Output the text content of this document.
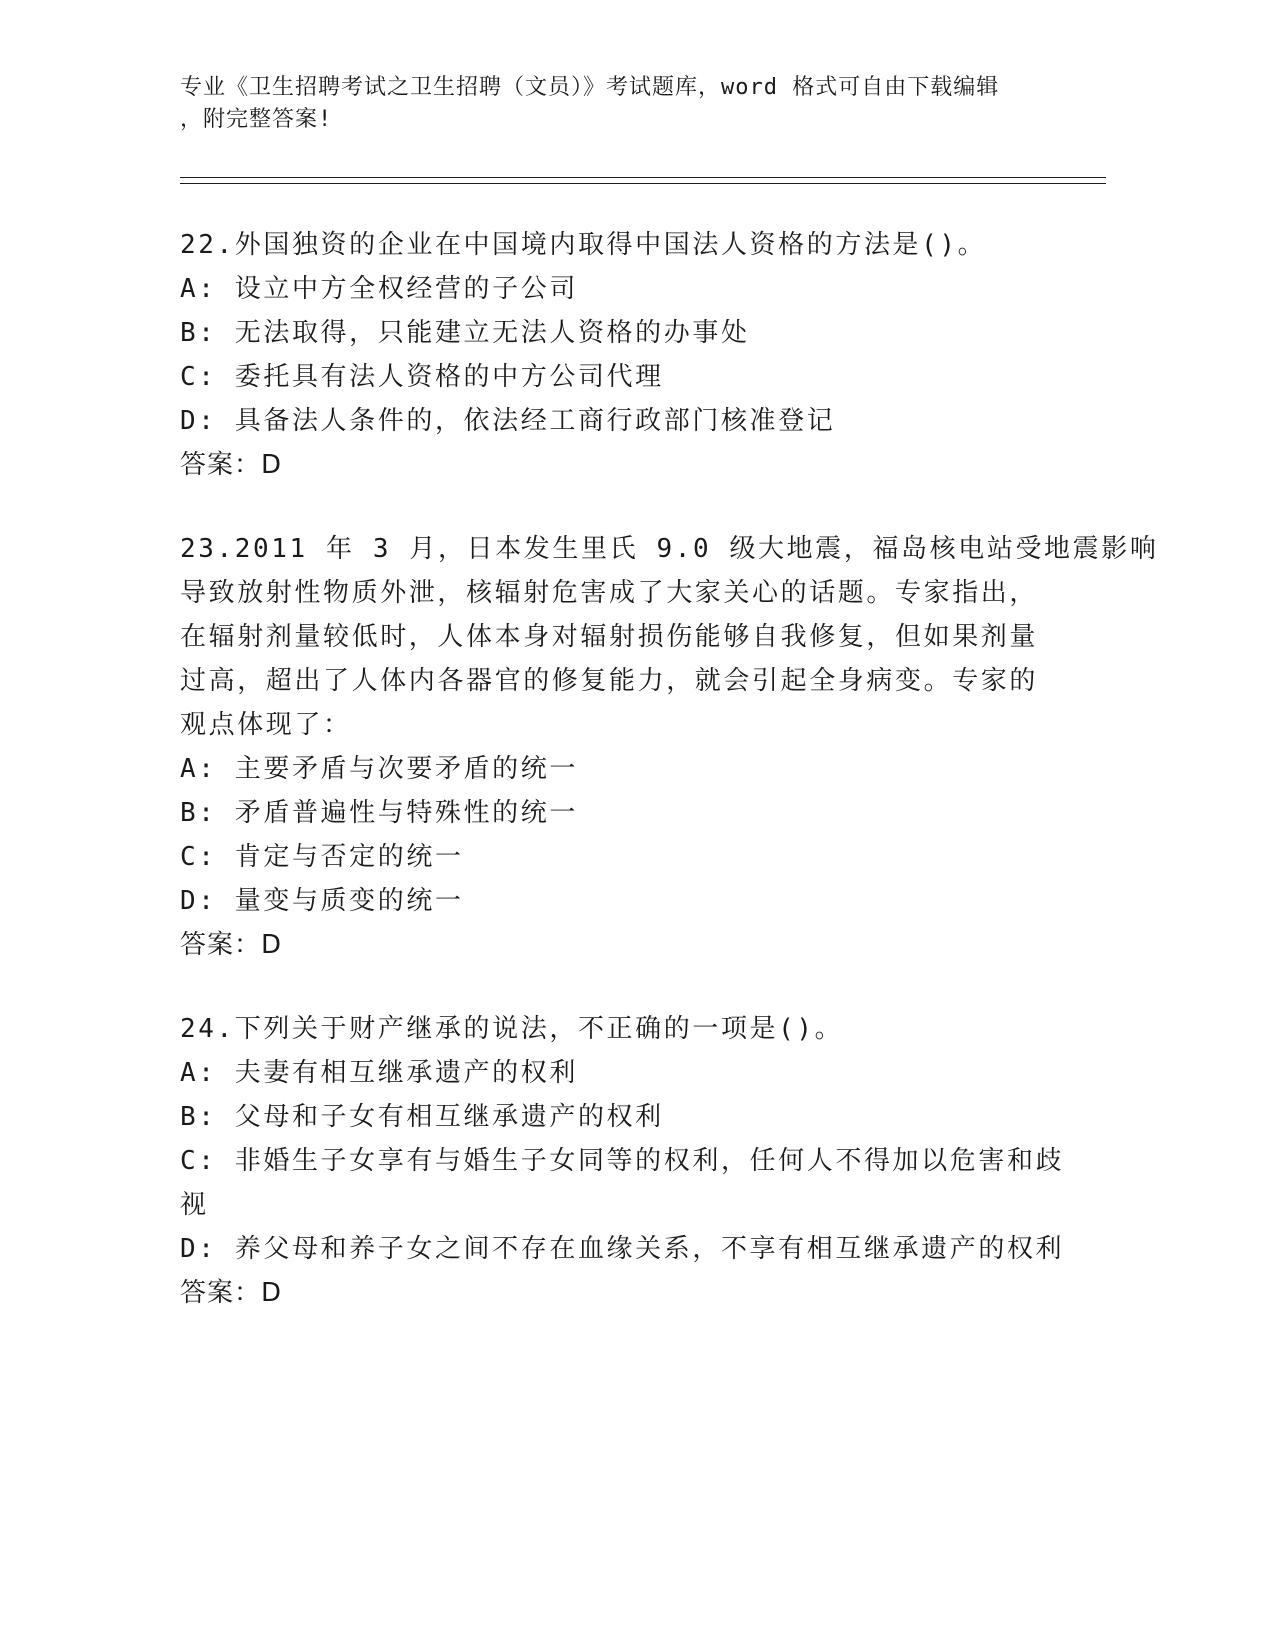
专业《卫生招聘考试之卫生招聘（文员）》考试题库，word 格式可自由下载编辑
，附完整答案!
22.外国独资的企业在中国境内取得中国法人资格的方法是()。
A: 设立中方全权经营的子公司
B: 无法取得，只能建立无法人资格的办事处
C: 委托具有法人资格的中方公司代理
D: 具备法人条件的，依法经工商行政部门核准登记
答案：D
23.2011 年 3 月，日本发生里氏 9.0 级大地震，福岛核电站受地震影响
导致放射性物质外泄，核辐射危害成了大家关心的话题。专家指出，
在辐射剂量较低时，人体本身对辐射损伤能够自我修复，但如果剂量
过高，超出了人体内各器官的修复能力，就会引起全身病变。专家的
观点体现了：
A: 主要矛盾与次要矛盾的统一
B: 矛盾普遍性与特殊性的统一
C: 肯定与否定的统一
D: 量变与质变的统一
答案：D
24.下列关于财产继承的说法，不正确的一项是()。
A: 夫妻有相互继承遗产的权利
B: 父母和子女有相互继承遗产的权利
C: 非婚生子女享有与婚生子女同等的权利，任何人不得加以危害和歧
视
D: 养父母和养子女之间不存在血缘关系，不享有相互继承遗产的权利
答案：D
